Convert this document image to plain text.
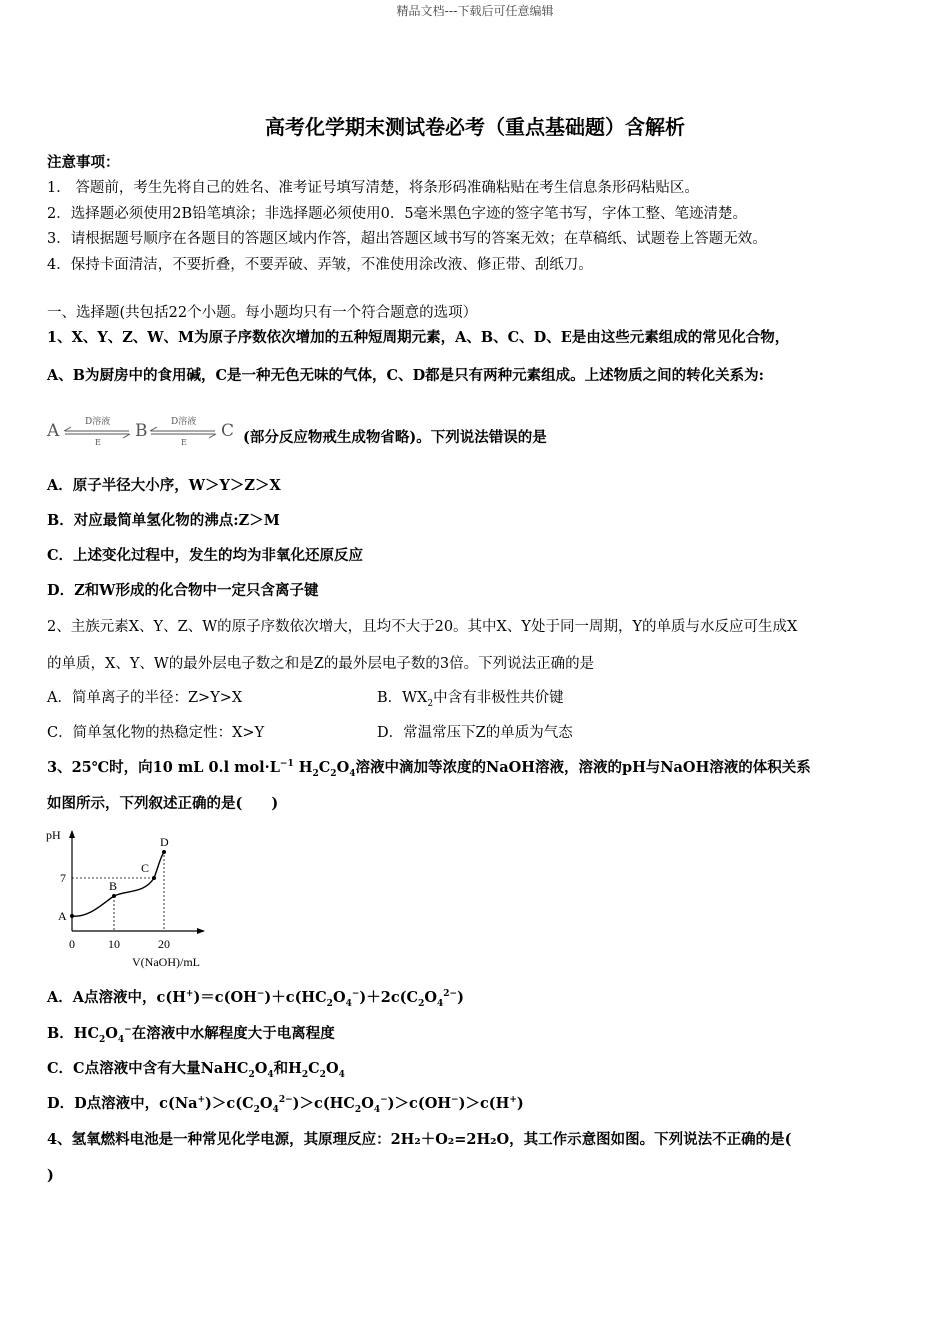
精品文档---下载后可任意编辑
高考化学期末测试卷必考（重点基础题）含解析
注意事项：
1． 答题前，考生先将自己的姓名、准考证号填写清楚，将条形码准确粘贴在考生信息条形码粘贴区。
2．选择题必须使用2B铅笔填涂；非选择题必须使用0．5毫米黑色字迹的签字笔书写，字体工整、笔迹清楚。
3．请根据题号顺序在各题目的答题区域内作答，超出答题区域书写的答案无效；在草稿纸、试题卷上答题无效。
4．保持卡面清洁，不要折叠，不要弄破、弄皱，不准使用涂改液、修正带、刮纸刀。
一、选择题(共包括22个小题。每小题均只有一个符合题意的选项）
1、X、Y、Z、W、M为原子序数依次增加的五种短周期元素，A、B、C、D、E是由这些元素组成的常见化合物，
A、B为厨房中的食用碱，C是一种无色无味的气体，C、D都是只有两种元素组成。上述物质之间的转化关系为:
A	D溶液
E
B	D溶液
E
C (部分反应物戒生成物省略)。下列说法错误的是
A．原子半径大小序，W＞Y＞Z＞X
B．对应最简单氢化物的沸点:Z＞M
C．上述变化过程中，发生的均为非氧化还原反应
D．Z和W形成的化合物中一定只含离子键
2、主族元素X、Y、Z、W的原子序数依次增大，且均不大于20。其中X、Y处于同一周期，Y的单质与水反应可生成X
的单质，X、Y、W的最外层电子数之和是Z的最外层电子数的3倍。下列说法正确的是
A．简单离子的半径：Z>Y>X	B．$WX_2$中含有非极性共价键
C．简单氢化物的热稳定性：X>Y	D．常温常压下Z的单质为气态
3、25℃时，向10 mL 0.l $mol\cdot L^{-1}$ $H_2C_2O_4$溶液中滴加等浓度的NaOH溶液，溶液的pH与NaOH溶液的体积关系
如图所示，下列叙述正确的是(　　)
pH
7
A
B
C
D
0	10	20
V(NaOH)/mL
A．A点溶液中，$c(H^+)=c(OH^-)+c(HC_2O_4^-)+2c(C_2O_4^{2-})$
B．$HC_2O_4^-$在溶液中水解程度大于电离程度
C．C点溶液中含有大量$NaHC_2O_4$和$H_2C_2O_4$
D．D点溶液中，$c(Na^+)>c(C_2O_4^{2-})>c(HC_2O_4^-)>c(OH^-)>c(H^+)$
4、氢氧燃料电池是一种常见化学电源，其原理反应：2H₂＋O₂=2H₂O，其工作示意图如图。下列说法不正确的是(
)
